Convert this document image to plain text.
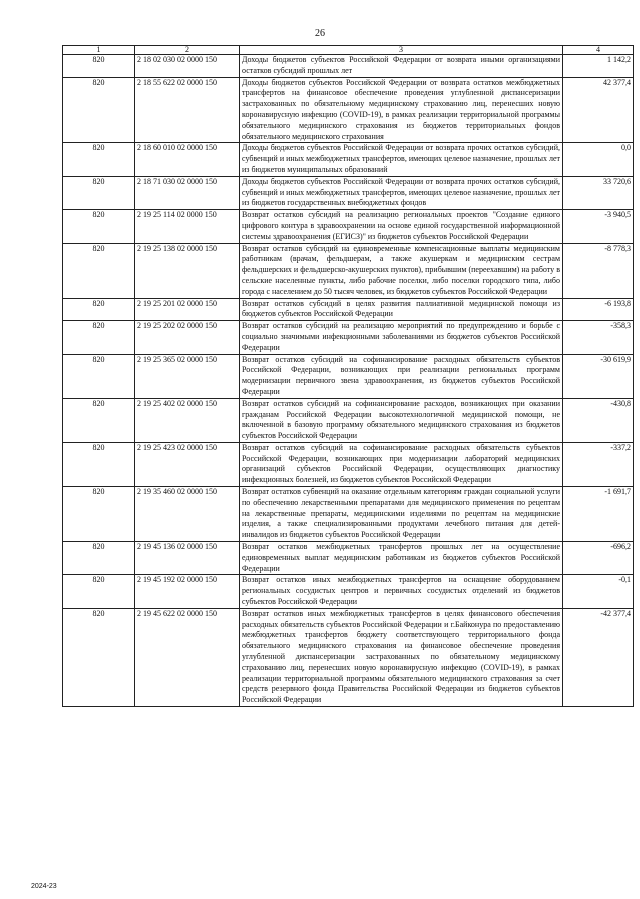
26
1	2	3	4
820	2 18 02 030 02 0000 150	Доходы бюджетов субъектов Российской Федерации от возврата иными организациями остатков субсидий прошлых лет	1 142,2
820	2 18 55 622 02 0000 150	Доходы бюджетов субъектов Российской Федерации от возврата остатков межбюджетных трансфертов на финансовое обеспечение проведения углубленной диспансеризации застрахованных по обязательному медицинскому страхованию лиц, перенесших новую коронавирусную инфекцию (COVID-19), в рамках реализации территориальной программы обязательного медицинского страхования из бюджетов территориальных фондов обязательного медицинского страхования	42 377,4
820	2 18 60 010 02 0000 150	Доходы бюджетов субъектов Российской Федерации от возврата прочих остатков субсидий, субвенций и иных межбюджетных трансфертов, имеющих целевое назначение, прошлых лет из бюджетов муниципальных образований	0,0
820	2 18 71 030 02 0000 150	Доходы бюджетов субъектов Российской Федерации от возврата прочих остатков субсидий, субвенций и иных межбюджетных трансфертов, имеющих целевое назначение, прошлых лет из бюджетов государственных внебюджетных фондов	33 720,6
820	2 19 25 114 02 0000 150	Возврат остатков субсидий на реализацию региональных проектов "Создание единого цифрового контура в здравоохранении на основе единой государственной информационной системы здравоохранения (ЕГИСЗ)" из бюджетов субъектов Российской Федерации	-3 940,5
820	2 19 25 138 02 0000 150	Возврат остатков субсидий на единовременные компенсационные выплаты медицинским работникам (врачам, фельдшерам, а также акушеркам и медицинским сестрам фельдшерских и фельдшерско-акушерских пунктов), прибывшим (переехавшим) на работу в сельские населенные пункты, либо рабочие поселки, либо поселки городского типа, либо города с населением до 50 тысяч человек, из бюджетов субъектов Российской Федерации	-8 778,3
820	2 19 25 201 02 0000 150	Возврат остатков субсидий в целях развития паллиативной медицинской помощи из бюджетов субъектов Российской Федерации	-6 193,8
820	2 19 25 202 02 0000 150	Возврат остатков субсидий на реализацию мероприятий по предупреждению и борьбе с социально значимыми инфекционными заболеваниями из бюджетов субъектов Российской Федерации	-358,3
820	2 19 25 365 02 0000 150	Возврат остатков субсидий на софинансирование расходных обязательств субъектов Российской Федерации, возникающих при реализации региональных программ модернизации первичного звена здравоохранения, из бюджетов субъектов Российской Федерации	-30 619,9
820	2 19 25 402 02 0000 150	Возврат остатков субсидий на софинансирование расходов, возникающих при оказании гражданам Российской Федерации высокотехнологичной медицинской помощи, не включенной в базовую программу обязательного медицинского страхования из бюджетов субъектов Российской Федерации	-430,8
820	2 19 25 423 02 0000 150	Возврат остатков субсидий на софинансирование расходных обязательств субъектов Российской Федерации, возникающих при модернизации лабораторий медицинских организаций субъектов Российской Федерации, осуществляющих диагностику инфекционных болезней, из бюджетов субъектов Российской Федерации	-337,2
820	2 19 35 460 02 0000 150	Возврат остатков субвенций на оказание отдельным категориям граждан социальной услуги по обеспечению лекарственными препаратами для медицинского применения по рецептам на лекарственные препараты, медицинскими изделиями по рецептам на медицинские изделия, а также специализированными продуктами лечебного питания для детей-инвалидов из бюджетов субъектов Российской Федерации	-1 691,7
820	2 19 45 136 02 0000 150	Возврат остатков межбюджетных трансфертов прошлых лет на осуществление единовременных выплат медицинским работникам из бюджетов субъектов Российской Федерации	-696,2
820	2 19 45 192 02 0000 150	Возврат остатков иных межбюджетных трансфертов на оснащение оборудованием региональных сосудистых центров и первичных сосудистых отделений из бюджетов субъектов Российской Федерации	-0,1
820	2 19 45 622 02 0000 150	Возврат остатков иных межбюджетных трансфертов в целях финансового обеспечения расходных обязательств субъектов Российской Федерации и г.Байконура по предоставлению межбюджетных трансфертов бюджету соответствующего территориального фонда обязательного медицинского страхования на финансовое обеспечение проведения углубленной диспансеризации застрахованных по обязательному медицинскому страхованию лиц, перенесших новую коронавирусную инфекцию (COVID-19), в рамках реализации территориальной программы обязательного медицинского страхования за счет средств резервного фонда Правительства Российской Федерации из бюджетов субъектов Российской Федерации	-42 377,4
2024-23
